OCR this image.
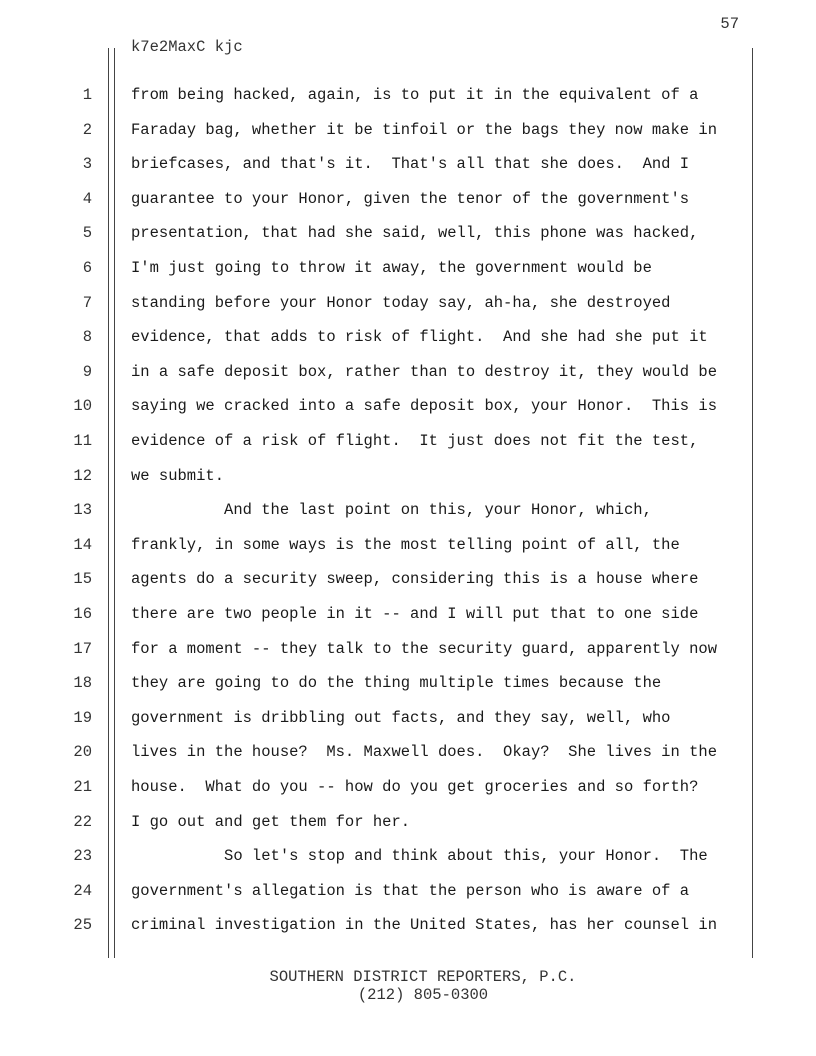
57
k7e2MaxC kjc
1	from being hacked, again, is to put it in the equivalent of a
2	Faraday bag, whether it be tinfoil or the bags they now make in
3	briefcases, and that's it.  That's all that she does.  And I
4	guarantee to your Honor, given the tenor of the government's
5	presentation, that had she said, well, this phone was hacked,
6	I'm just going to throw it away, the government would be
7	standing before your Honor today say, ah-ha, she destroyed
8	evidence, that adds to risk of flight.  And she had she put it
9	in a safe deposit box, rather than to destroy it, they would be
10	saying we cracked into a safe deposit box, your Honor.  This is
11	evidence of a risk of flight.  It just does not fit the test,
12	we submit.
13	And the last point on this, your Honor, which,
14	frankly, in some ways is the most telling point of all, the
15	agents do a security sweep, considering this is a house where
16	there are two people in it -- and I will put that to one side
17	for a moment -- they talk to the security guard, apparently now
18	they are going to do the thing multiple times because the
19	government is dribbling out facts, and they say, well, who
20	lives in the house?  Ms. Maxwell does.  Okay?  She lives in the
21	house.  What do you -- how do you get groceries and so forth?
22	I go out and get them for her.
23	So let's stop and think about this, your Honor.  The
24	government's allegation is that the person who is aware of a
25	criminal investigation in the United States, has her counsel in
SOUTHERN DISTRICT REPORTERS, P.C.
(212) 805-0300
